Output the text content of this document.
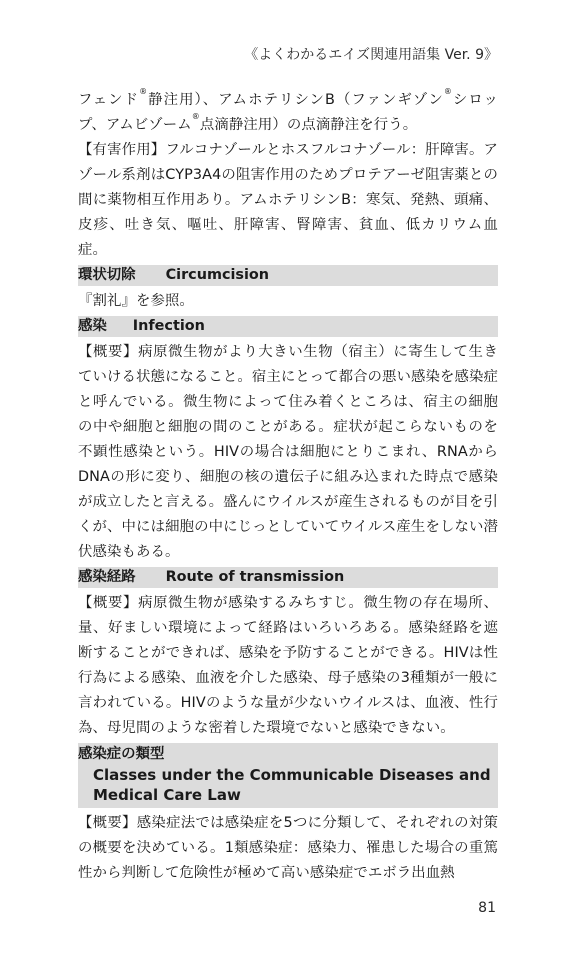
《よくわかるエイズ関連用語集 Ver. 9》

フェンド®静注用）、アムホテリシンB（ファンギゾン®シロップ、アムビゾーム®点滴静注用）の点滴静注を行う。

【有害作用】フルコナゾールとホスフルコナゾール：肝障害。アゾール系剤はCYP3A4の阻害作用のためプロテアーゼ阻害薬との間に薬物相互作用あり。アムホテリシンB：寒気、発熱、頭痛、皮疹、吐き気、嘔吐、肝障害、腎障害、貧血、低カリウム血症。

環状切除 Circumcision

『割礼』を参照。

感染 Infection

【概要】病原微生物がより大きい生物（宿主）に寄生して生きていける状態になること。宿主にとって都合の悪い感染を感染症と呼んでいる。微生物によって住み着くところは、宿主の細胞の中や細胞と細胞の間のことがある。症状が起こらないものを不顕性感染という。HIVの場合は細胞にとりこまれ、RNAからDNAの形に変り、細胞の核の遺伝子に組み込まれた時点で感染が成立したと言える。盛んにウイルスが産生されるものが目を引くが、中には細胞の中にじっとしていてウイルス産生をしない潜伏感染もある。

感染経路 Route of transmission

【概要】病原微生物が感染するみちすじ。微生物の存在場所、量、好ましい環境によって経路はいろいろある。感染経路を遮断することができれば、感染を予防することができる。HIVは性行為による感染、血液を介した感染、母子感染の3種類が一般に言われている。HIVのような量が少ないウイルスは、血液、性行為、母児間のような密着した環境でないと感染できない。

感染症の類型
Classes under the Communicable Diseases and Medical Care Law

【概要】感染症法では感染症を5つに分類して、それぞれの対策の概要を決めている。1類感染症：感染力、罹患した場合の重篤性から判断して危険性が極めて高い感染症でエボラ出血熱

81
